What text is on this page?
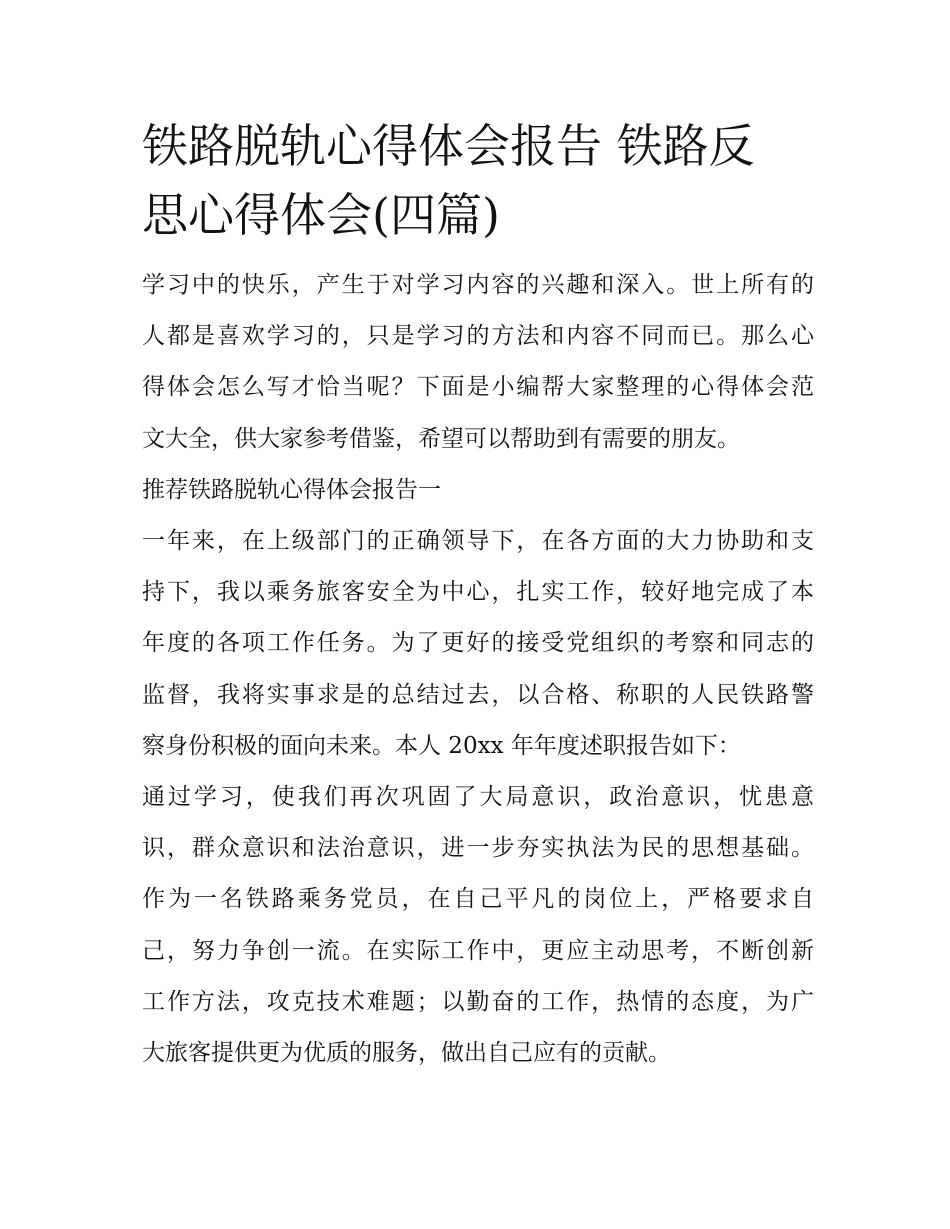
铁路脱轨心得体会报告 铁路反
思心得体会(四篇)

学习中的快乐，产生于对学习内容的兴趣和深入。世上所有的
人都是喜欢学习的，只是学习的方法和内容不同而已。那么心
得体会怎么写才恰当呢？下面是小编帮大家整理的心得体会范
文大全，供大家参考借鉴，希望可以帮助到有需要的朋友。

推荐铁路脱轨心得体会报告一

一年来，在上级部门的正确领导下，在各方面的大力协助和支
持下，我以乘务旅客安全为中心，扎实工作，较好地完成了本
年度的各项工作任务。为了更好的接受党组织的考察和同志的
监督，我将实事求是的总结过去，以合格、称职的人民铁路警
察身份积极的面向未来。本人 20xx 年年度述职报告如下：

通过学习，使我们再次巩固了大局意识，政治意识，忧患意
识，群众意识和法治意识，进一步夯实执法为民的思想基础。
作为一名铁路乘务党员，在自己平凡的岗位上，严格要求自
己，努力争创一流。在实际工作中，更应主动思考，不断创新
工作方法，攻克技术难题；以勤奋的工作，热情的态度，为广
大旅客提供更为优质的服务，做出自己应有的贡献。
